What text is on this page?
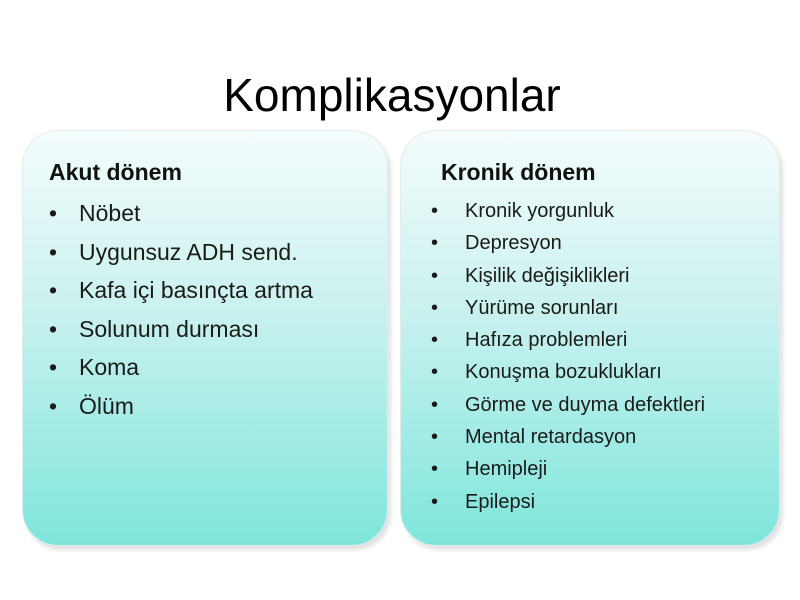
Komplikasyonlar
Akut dönem
• Nöbet
• Uygunsuz ADH send.
• Kafa içi basınçta artma
• Solunum durması
• Koma
• Ölüm
Kronik dönem
• Kronik yorgunluk
• Depresyon
• Kişilik değişiklikleri
• Yürüme sorunları
• Hafıza problemleri
• Konuşma bozuklukları
• Görme ve duyma defektleri
• Mental retardasyon
• Hemipleji
• Epilepsi
